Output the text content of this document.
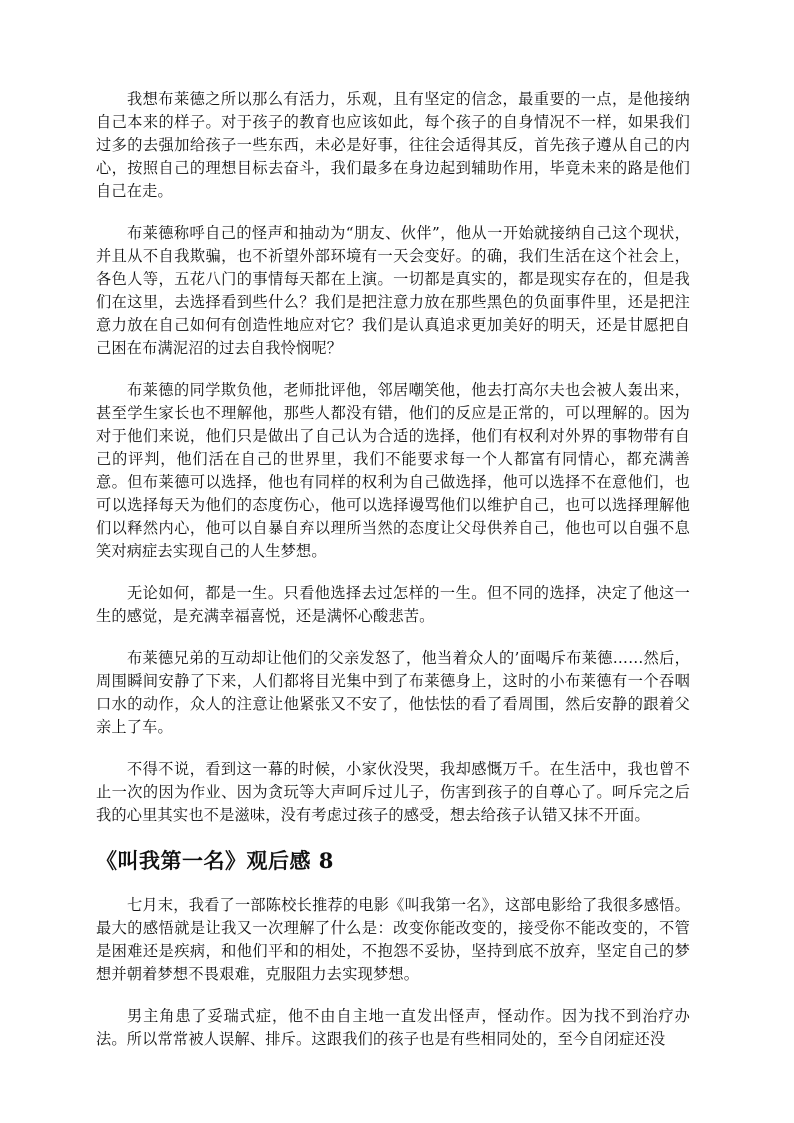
我想布莱德之所以那么有活力，乐观，且有坚定的信念，最重要的一点，是他接纳自己本来的样子。对于孩子的教育也应该如此，每个孩子的自身情况不一样，如果我们过多的去强加给孩子一些东西，未必是好事，往往会适得其反，首先孩子遵从自己的内心，按照自己的理想目标去奋斗，我们最多在身边起到辅助作用，毕竟未来的路是他们自己在走。

布莱德称呼自己的怪声和抽动为“朋友、伙伴”，他从一开始就接纳自己这个现状，并且从不自我欺骗，也不祈望外部环境有一天会变好。的确，我们生活在这个社会上，各色人等，五花八门的事情每天都在上演。一切都是真实的，都是现实存在的，但是我们在这里，去选择看到些什么？我们是把注意力放在那些黑色的负面事件里，还是把注意力放在自己如何有创造性地应对它？我们是认真追求更加美好的明天，还是甘愿把自己困在布满泥沼的过去自我怜悯呢？

布莱德的同学欺负他，老师批评他，邻居嘲笑他，他去打高尔夫也会被人轰出来，甚至学生家长也不理解他，那些人都没有错，他们的反应是正常的，可以理解的。因为对于他们来说，他们只是做出了自己认为合适的选择，他们有权利对外界的事物带有自己的评判，他们活在自己的世界里，我们不能要求每一个人都富有同情心，都充满善意。但布莱德可以选择，他也有同样的权利为自己做选择，他可以选择不在意他们，也可以选择每天为他们的态度伤心，他可以选择谩骂他们以维护自己，也可以选择理解他们以释然内心，他可以自暴自弃以理所当然的态度让父母供养自己，他也可以自强不息笑对病症去实现自己的人生梦想。

无论如何，都是一生。只看他选择去过怎样的一生。但不同的选择，决定了他这一生的感觉，是充满幸福喜悦，还是满怀心酸悲苦。

布莱德兄弟的互动却让他们的父亲发怒了，他当着众人的’面喝斥布莱德……然后，周围瞬间安静了下来，人们都将目光集中到了布莱德身上，这时的小布莱德有一个吞咽口水的动作，众人的注意让他紧张又不安了，他怯怯的看了看周围，然后安静的跟着父亲上了车。

不得不说，看到这一幕的时候，小家伙没哭，我却感慨万千。在生活中，我也曾不止一次的因为作业、因为贪玩等大声呵斥过儿子，伤害到孩子的自尊心了。呵斥完之后我的心里其实也不是滋味，没有考虑过孩子的感受，想去给孩子认错又抹不开面。

《叫我第一名》观后感 8

七月末，我看了一部陈校长推荐的电影《叫我第一名》，这部电影给了我很多感悟。最大的感悟就是让我又一次理解了什么是：改变你能改变的，接受你不能改变的，不管是困难还是疾病，和他们平和的相处，不抱怨不妥协，坚持到底不放弃，坚定自己的梦想并朝着梦想不畏艰难，克服阻力去实现梦想。

男主角患了妥瑞式症，他不由自主地一直发出怪声，怪动作。因为找不到治疗办法。所以常常被人误解、排斥。这跟我们的孩子也是有些相同处的，至今自闭症还没
